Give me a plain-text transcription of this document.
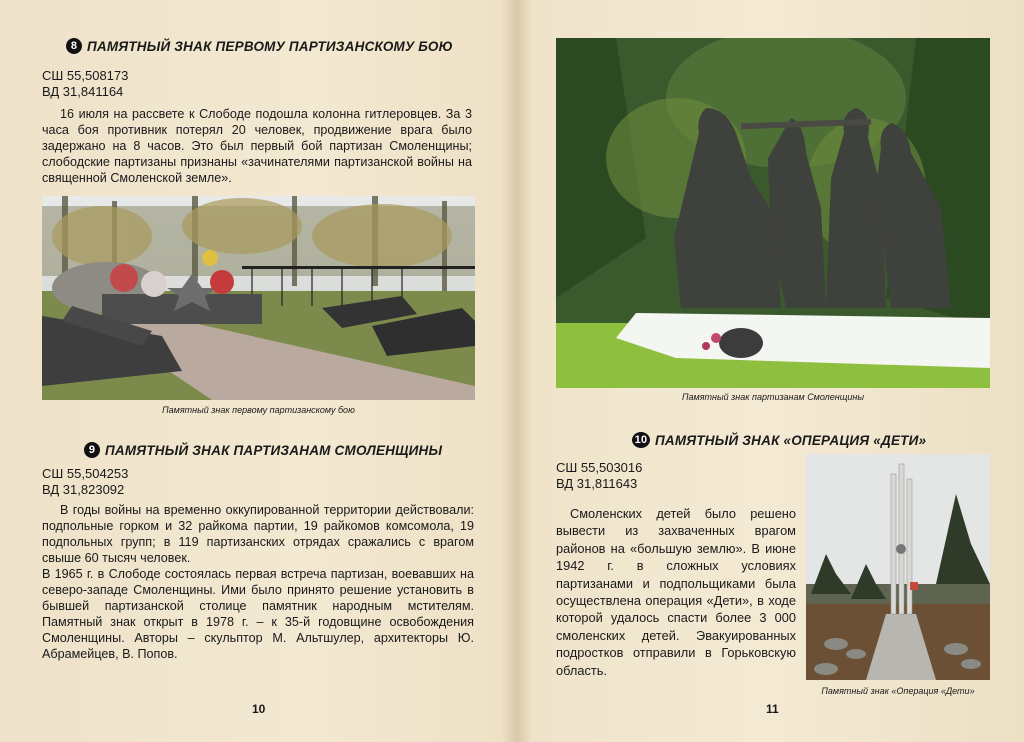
8 ПАМЯТНЫЙ ЗНАК ПЕРВОМУ ПАРТИЗАНСКОМУ БОЮ
СШ 55,508173
ВД 31,841164

16 июля на рассвете к Слободе подошла колонна гитлеровцев. За 3 часа боя противник потерял 20 человек, продвижение врага было задержано на 8 часов. Это был первый бой партизан Смоленщины; слободские партизаны признаны «зачинателями партизанской войны на священной Смоленской земле».

Памятный знак первому партизанскому бою
9 ПАМЯТНЫЙ ЗНАК ПАРТИЗАНАМ СМОЛЕНЩИНЫ
СШ 55,504253
ВД 31,823092

В годы войны на временно оккупированной территории действовали: подпольные горком и 32 райкома партии, 19 райкомов комсомола, 19 подпольных групп; в 119 партизанских отрядах сражались с врагом свыше 60 тысяч человек.

В 1965 г. в Слободе состоялась первая встреча партизан, воевавших на северо-западе Смоленщины. Ими было принято решение установить в бывшей партизанской столице памятник народным мстителям. Памятный знак открыт в 1978 г. – к 35-й годовщине освобождения Смоленщины. Авторы – скульптор М. Альтшулер, архитекторы Ю. Абрамейцев, В. Попов.

10
Памятный знак партизанам Смоленщины
10 ПАМЯТНЫЙ ЗНАК «ОПЕРАЦИЯ «ДЕТИ»
СШ 55,503016
ВД 31,811643

Смоленских детей было решено вывести из захваченных врагом районов на «большую землю». В июне 1942 г. в сложных условиях партизанами и подпольщиками была осуществлена операция «Дети», в ходе которой удалось спасти более 3 000 смоленских детей. Эвакуированных подростков отправили в Горьковскую область.

Памятный знак «Операция «Дети»
11
